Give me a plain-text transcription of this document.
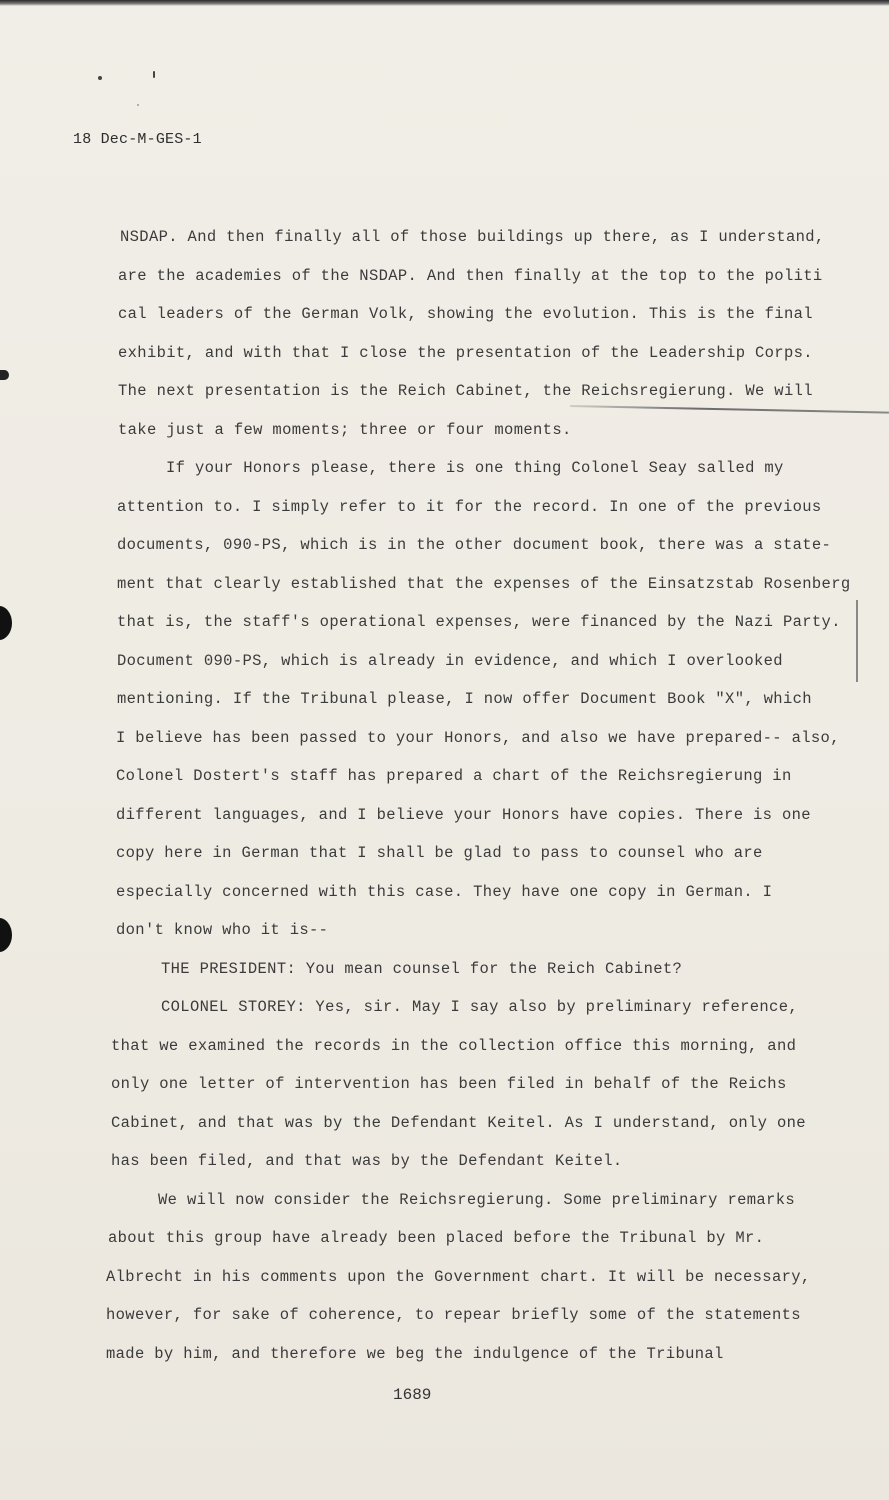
18 Dec-M-GES-1
NSDAP. And then finally all of those buildings up there, as I understand,
are the academies of the NSDAP. And then finally at the top to the politi
cal leaders of the German Volk, showing the evolution. This is the final
exhibit, and with that I close the presentation of the Leadership Corps.
The next presentation is the Reich Cabinet, the Reichsregierung. We will
take just a few moments; three or four moments.
If your Honors please, there is one thing Colonel Seay salled my
attention to. I simply refer to it for the record. In one of the previous
documents, 090-PS, which is in the other document book, there was a state-
ment that clearly established that the expenses of the Einsatzstab Rosenberg
that is, the staff's operational expenses, were financed by the Nazi Party.
Document 090-PS, which is already in evidence, and which I overlooked
mentioning. If the Tribunal please, I now offer Document Book "X", which
I believe has been passed to your Honors, and also we have prepared-- also,
Colonel Dostert's staff has prepared a chart of the Reichsregierung in
different languages, and I believe your Honors have copies. There is one
copy here in German that I shall be glad to pass to counsel who are
especially concerned with this case. They have one copy in German. I
don't know who it is--
THE PRESIDENT: You mean counsel for the Reich Cabinet?
COLONEL STOREY: Yes, sir. May I say also by preliminary reference,
that we examined the records in the collection office this morning, and
only one letter of intervention has been filed in behalf of the Reichs
Cabinet, and that was by the Defendant Keitel. As I understand, only one
has been filed, and that was by the Defendant Keitel.
We will now consider the Reichsregierung. Some preliminary remarks
about this group have already been placed before the Tribunal by Mr.
Albrecht in his comments upon the Government chart. It will be necessary,
however, for sake of coherence, to repear briefly some of the statements
made by him, and therefore we beg the indulgence of the Tribunal
1689
